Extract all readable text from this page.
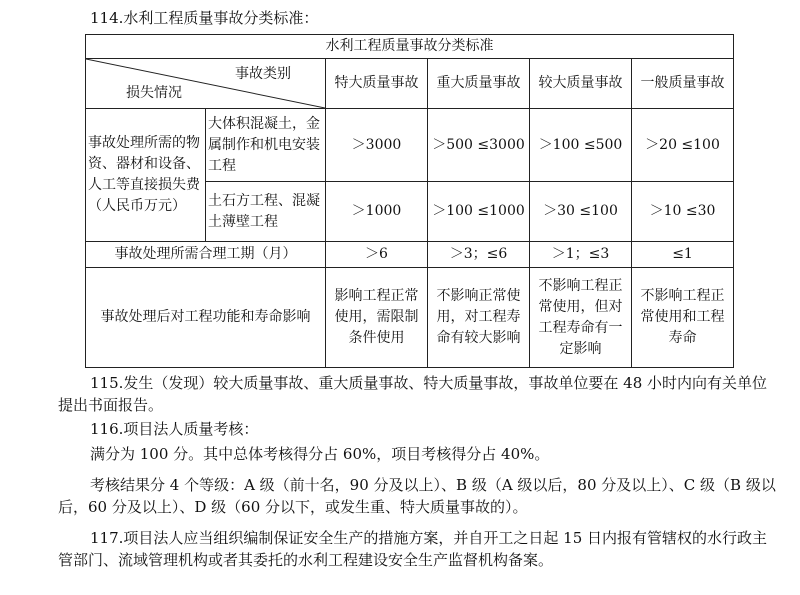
114.水利工程质量事故分类标准：
水利工程质量事故分类标准					

事故类别
损失情况		特大质量事故	重大质量事故	较大质量事故	一般质量事故
事故处理所需的物资、器材和设备、人工等直接损失费（人民币万元）	大体积混凝土，金属制作和机电安装工程	＞3000	＞500 ≤3000	＞100 ≤500	＞20 ≤100
	土石方工程、混凝土薄壁工程	＞1000	＞100 ≤1000	＞30 ≤100	＞10 ≤30
事故处理所需合理工期（月）		＞6	＞3；≤6	＞1；≤3	≤1
事故处理后对工程功能和寿命影响		影响工程正常使用，需限制条件使用	不影响正常使用，对工程寿命有较大影响	不影响工程正常使用，但对工程寿命有一定影响	不影响工程正常使用和工程寿命

115.发生（发现）较大质量事故、重大质量事故、特大质量事故，事故单位要在 48 小时内向有关单位提出书面报告。

116.项目法人质量考核：

满分为 100 分。其中总体考核得分占 60%，项目考核得分占 40%。

考核结果分 4 个等级：A 级（前十名，90 分及以上）、B 级（A 级以后，80 分及以上）、C 级（B 级以后，60 分及以上）、D 级（60 分以下，或发生重、特大质量事故的）。

117.项目法人应当组织编制保证安全生产的措施方案，并自开工之日起 15 日内报有管辖权的水行政主管部门、流域管理机构或者其委托的水利工程建设安全生产监督机构备案。
